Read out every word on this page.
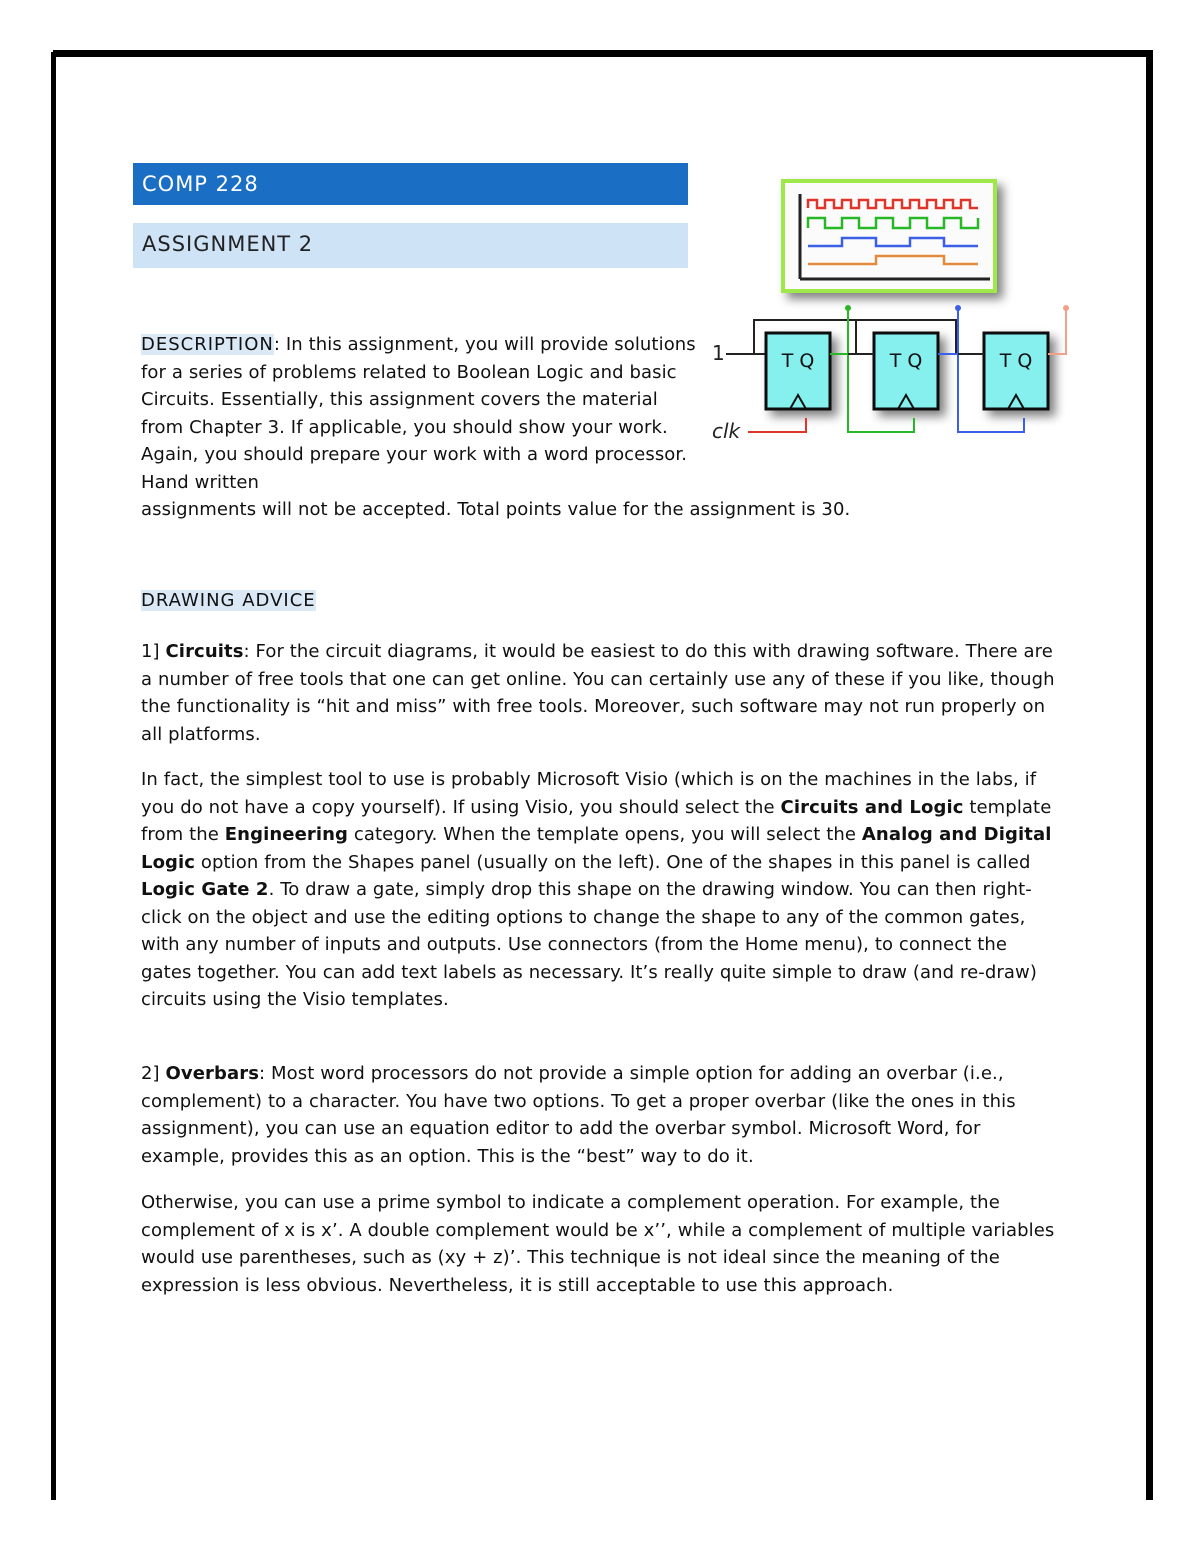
COMP 228
ASSIGNMENT 2
1	T Q	T Q	T Q
clk
DESCRIPTION: In this assignment, you will provide solutions for a series of problems related to Boolean Logic and basic Circuits. Essentially, this assignment covers the material from Chapter 3. If applicable, you should show your work. Again, you should prepare your work with a word processor. Hand written
assignments will not be accepted. Total points value for the assignment is 30.
DRAWING ADVICE

1] Circuits: For the circuit diagrams, it would be easiest to do this with drawing software. There are a number of free tools that one can get online. You can certainly use any of these if you like, though the functionality is “hit and miss” with free tools. Moreover, such software may not run properly on all platforms.

In fact, the simplest tool to use is probably Microsoft Visio (which is on the machines in the labs, if you do not have a copy yourself). If using Visio, you should select the Circuits and Logic template from the Engineering category. When the template opens, you will select the Analog and Digital Logic option from the Shapes panel (usually on the left). One of the shapes in this panel is called Logic Gate 2. To draw a gate, simply drop this shape on the drawing window. You can then right-click on the object and use the editing options to change the shape to any of the common gates, with any number of inputs and outputs. Use connectors (from the Home menu), to connect the gates together. You can add text labels as necessary. It’s really quite simple to draw (and re-draw) circuits using the Visio templates.

2] Overbars: Most word processors do not provide a simple option for adding an overbar (i.e., complement) to a character. You have two options. To get a proper overbar (like the ones in this assignment), you can use an equation editor to add the overbar symbol. Microsoft Word, for example, provides this as an option. This is the “best” way to do it.

Otherwise, you can use a prime symbol to indicate a complement operation. For example, the complement of x is x’. A double complement would be x’’, while a complement of multiple variables would use parentheses, such as (xy + z)’. This technique is not ideal since the meaning of the expression is less obvious. Nevertheless, it is still acceptable to use this approach.
